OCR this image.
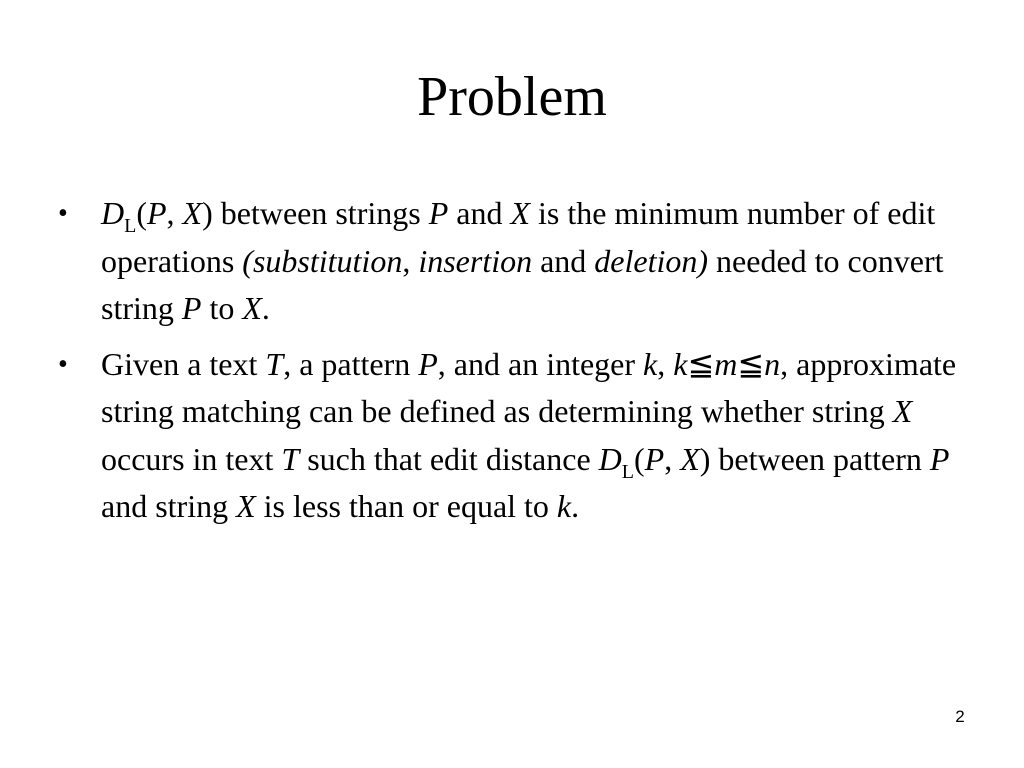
Problem
• $D_L(P$, X) between strings P and X is the minimum number of edit operations (substitution, insertion and deletion) needed to convert string P to X.
• Given a text T, a pattern P, and an integer k, k≦m≦n, approximate string matching can be defined as determining whether string X occurs in text T such that edit distance $D_L(P$, X) between pattern P and string X is less than or equal to k.
2
